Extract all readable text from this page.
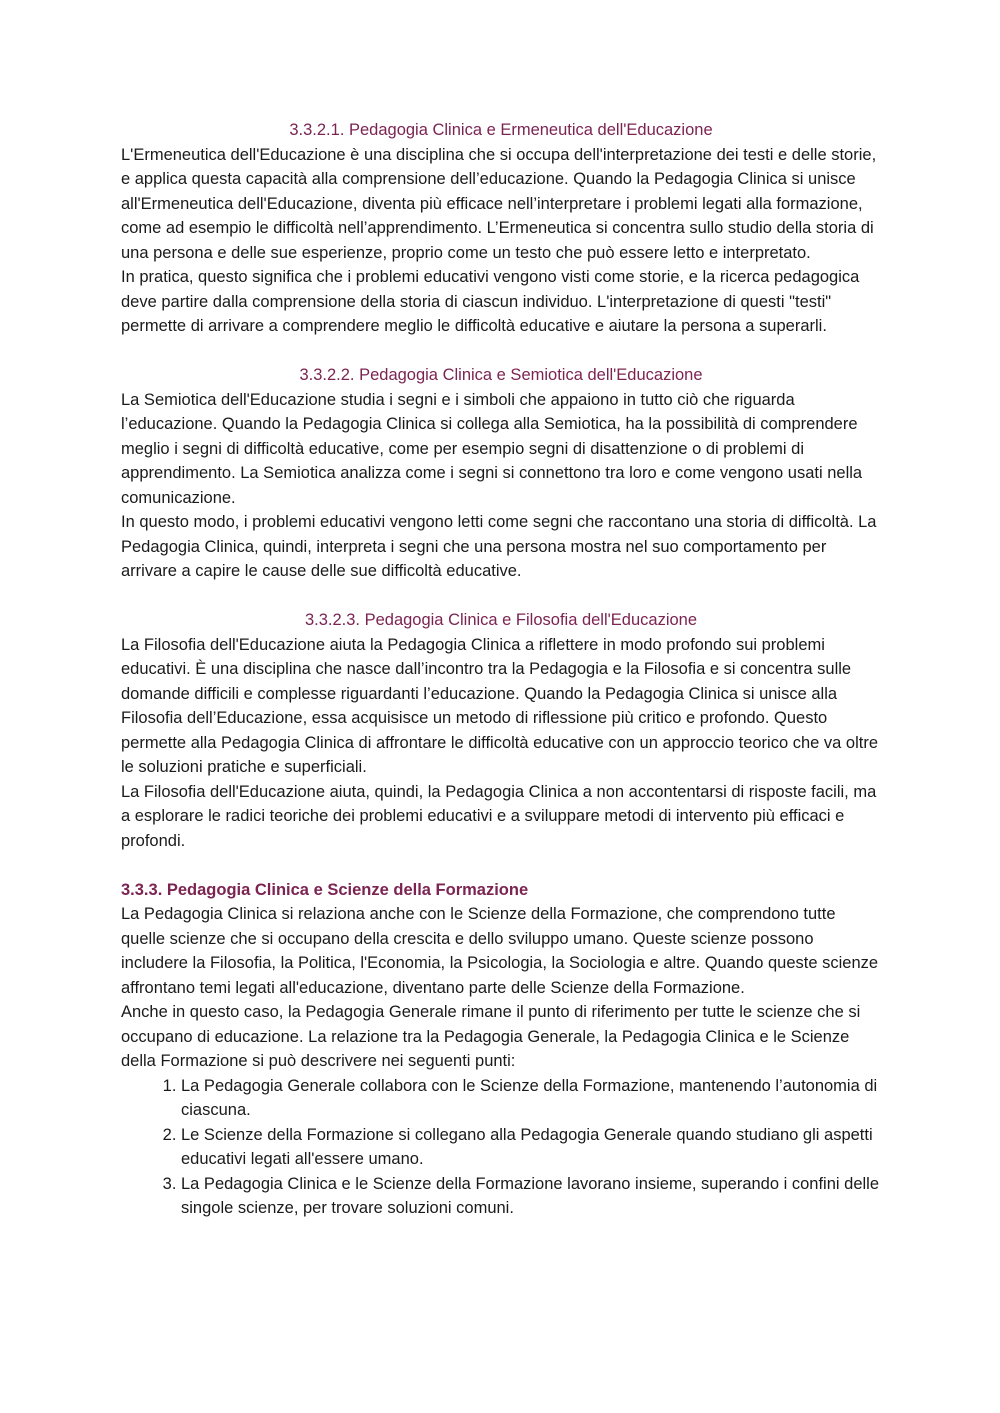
3.3.2.1. Pedagogia Clinica e Ermeneutica dell'Educazione

L'Ermeneutica dell'Educazione è una disciplina che si occupa dell'interpretazione dei testi e delle storie, e applica questa capacità alla comprensione dell’educazione. Quando la Pedagogia Clinica si unisce all'Ermeneutica dell'Educazione, diventa più efficace nell’interpretare i problemi legati alla formazione, come ad esempio le difficoltà nell’apprendimento. L’Ermeneutica si concentra sullo studio della storia di una persona e delle sue esperienze, proprio come un testo che può essere letto e interpretato.

In pratica, questo significa che i problemi educativi vengono visti come storie, e la ricerca pedagogica deve partire dalla comprensione della storia di ciascun individuo. L'interpretazione di questi "testi" permette di arrivare a comprendere meglio le difficoltà educative e aiutare la persona a superarli.

3.3.2.2. Pedagogia Clinica e Semiotica dell'Educazione

La Semiotica dell'Educazione studia i segni e i simboli che appaiono in tutto ciò che riguarda l’educazione. Quando la Pedagogia Clinica si collega alla Semiotica, ha la possibilità di comprendere meglio i segni di difficoltà educative, come per esempio segni di disattenzione o di problemi di apprendimento. La Semiotica analizza come i segni si connettono tra loro e come vengono usati nella comunicazione.

In questo modo, i problemi educativi vengono letti come segni che raccontano una storia di difficoltà. La Pedagogia Clinica, quindi, interpreta i segni che una persona mostra nel suo comportamento per arrivare a capire le cause delle sue difficoltà educative.

3.3.2.3. Pedagogia Clinica e Filosofia dell'Educazione

La Filosofia dell'Educazione aiuta la Pedagogia Clinica a riflettere in modo profondo sui problemi educativi. È una disciplina che nasce dall’incontro tra la Pedagogia e la Filosofia e si concentra sulle domande difficili e complesse riguardanti l’educazione. Quando la Pedagogia Clinica si unisce alla Filosofia dell’Educazione, essa acquisisce un metodo di riflessione più critico e profondo. Questo permette alla Pedagogia Clinica di affrontare le difficoltà educative con un approccio teorico che va oltre le soluzioni pratiche e superficiali.

La Filosofia dell'Educazione aiuta, quindi, la Pedagogia Clinica a non accontentarsi di risposte facili, ma a esplorare le radici teoriche dei problemi educativi e a sviluppare metodi di intervento più efficaci e profondi.

3.3.3. Pedagogia Clinica e Scienze della Formazione

La Pedagogia Clinica si relaziona anche con le Scienze della Formazione, che comprendono tutte quelle scienze che si occupano della crescita e dello sviluppo umano. Queste scienze possono includere la Filosofia, la Politica, l'Economia, la Psicologia, la Sociologia e altre. Quando queste scienze affrontano temi legati all'educazione, diventano parte delle Scienze della Formazione.

Anche in questo caso, la Pedagogia Generale rimane il punto di riferimento per tutte le scienze che si occupano di educazione. La relazione tra la Pedagogia Generale, la Pedagogia Clinica e le Scienze della Formazione si può descrivere nei seguenti punti:

1. La Pedagogia Generale collabora con le Scienze della Formazione, mantenendo l’autonomia di ciascuna.
2. Le Scienze della Formazione si collegano alla Pedagogia Generale quando studiano gli aspetti educativi legati all'essere umano.
3. La Pedagogia Clinica e le Scienze della Formazione lavorano insieme, superando i confini delle singole scienze, per trovare soluzioni comuni.
